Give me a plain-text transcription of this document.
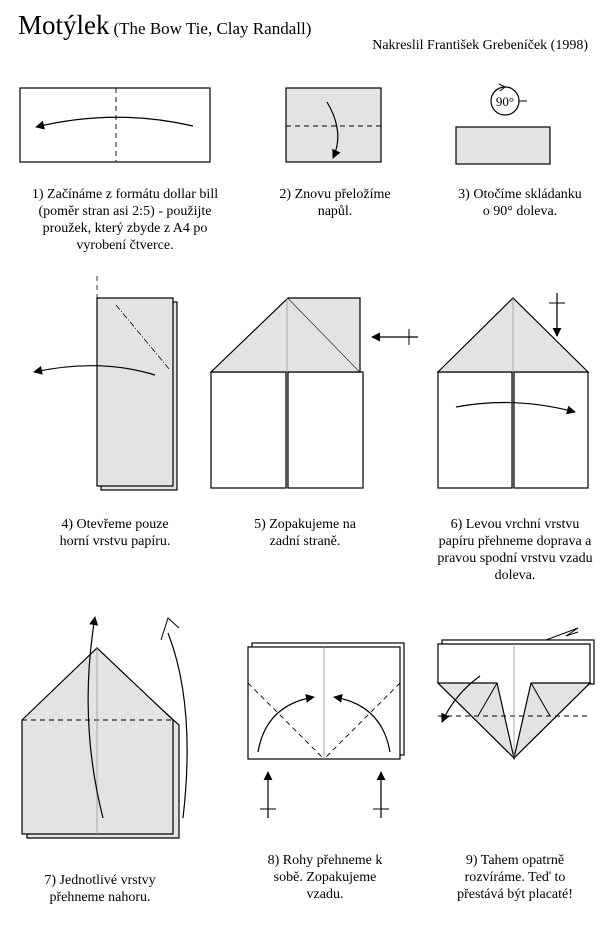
Motýlek (The Bow Tie, Clay Randall)
Nakreslil František Grebeníček (1998)
90°
1) Začínáme z formátu dollar bill
(poměr stran asi 2:5) - použijte
proužek, který zbyde z A4 po
vyrobení čtverce.
2) Znovu přeložíme
napůl.
3) Otočíme skládanku
o 90° doleva.
4) Otevřeme pouze
horní vrstvu papíru.
5) Zopakujeme na
zadní straně.
6) Levou vrchní vrstvu
papíru přehneme doprava a
pravou spodní vrstvu vzadu
doleva.
7) Jednotlivé vrstvy
přehneme nahoru.
8) Rohy přehneme k
sobě. Zopakujeme
vzadu.
9) Tahem opatrně
rozvíráme. Teď to
přestává být placaté!
